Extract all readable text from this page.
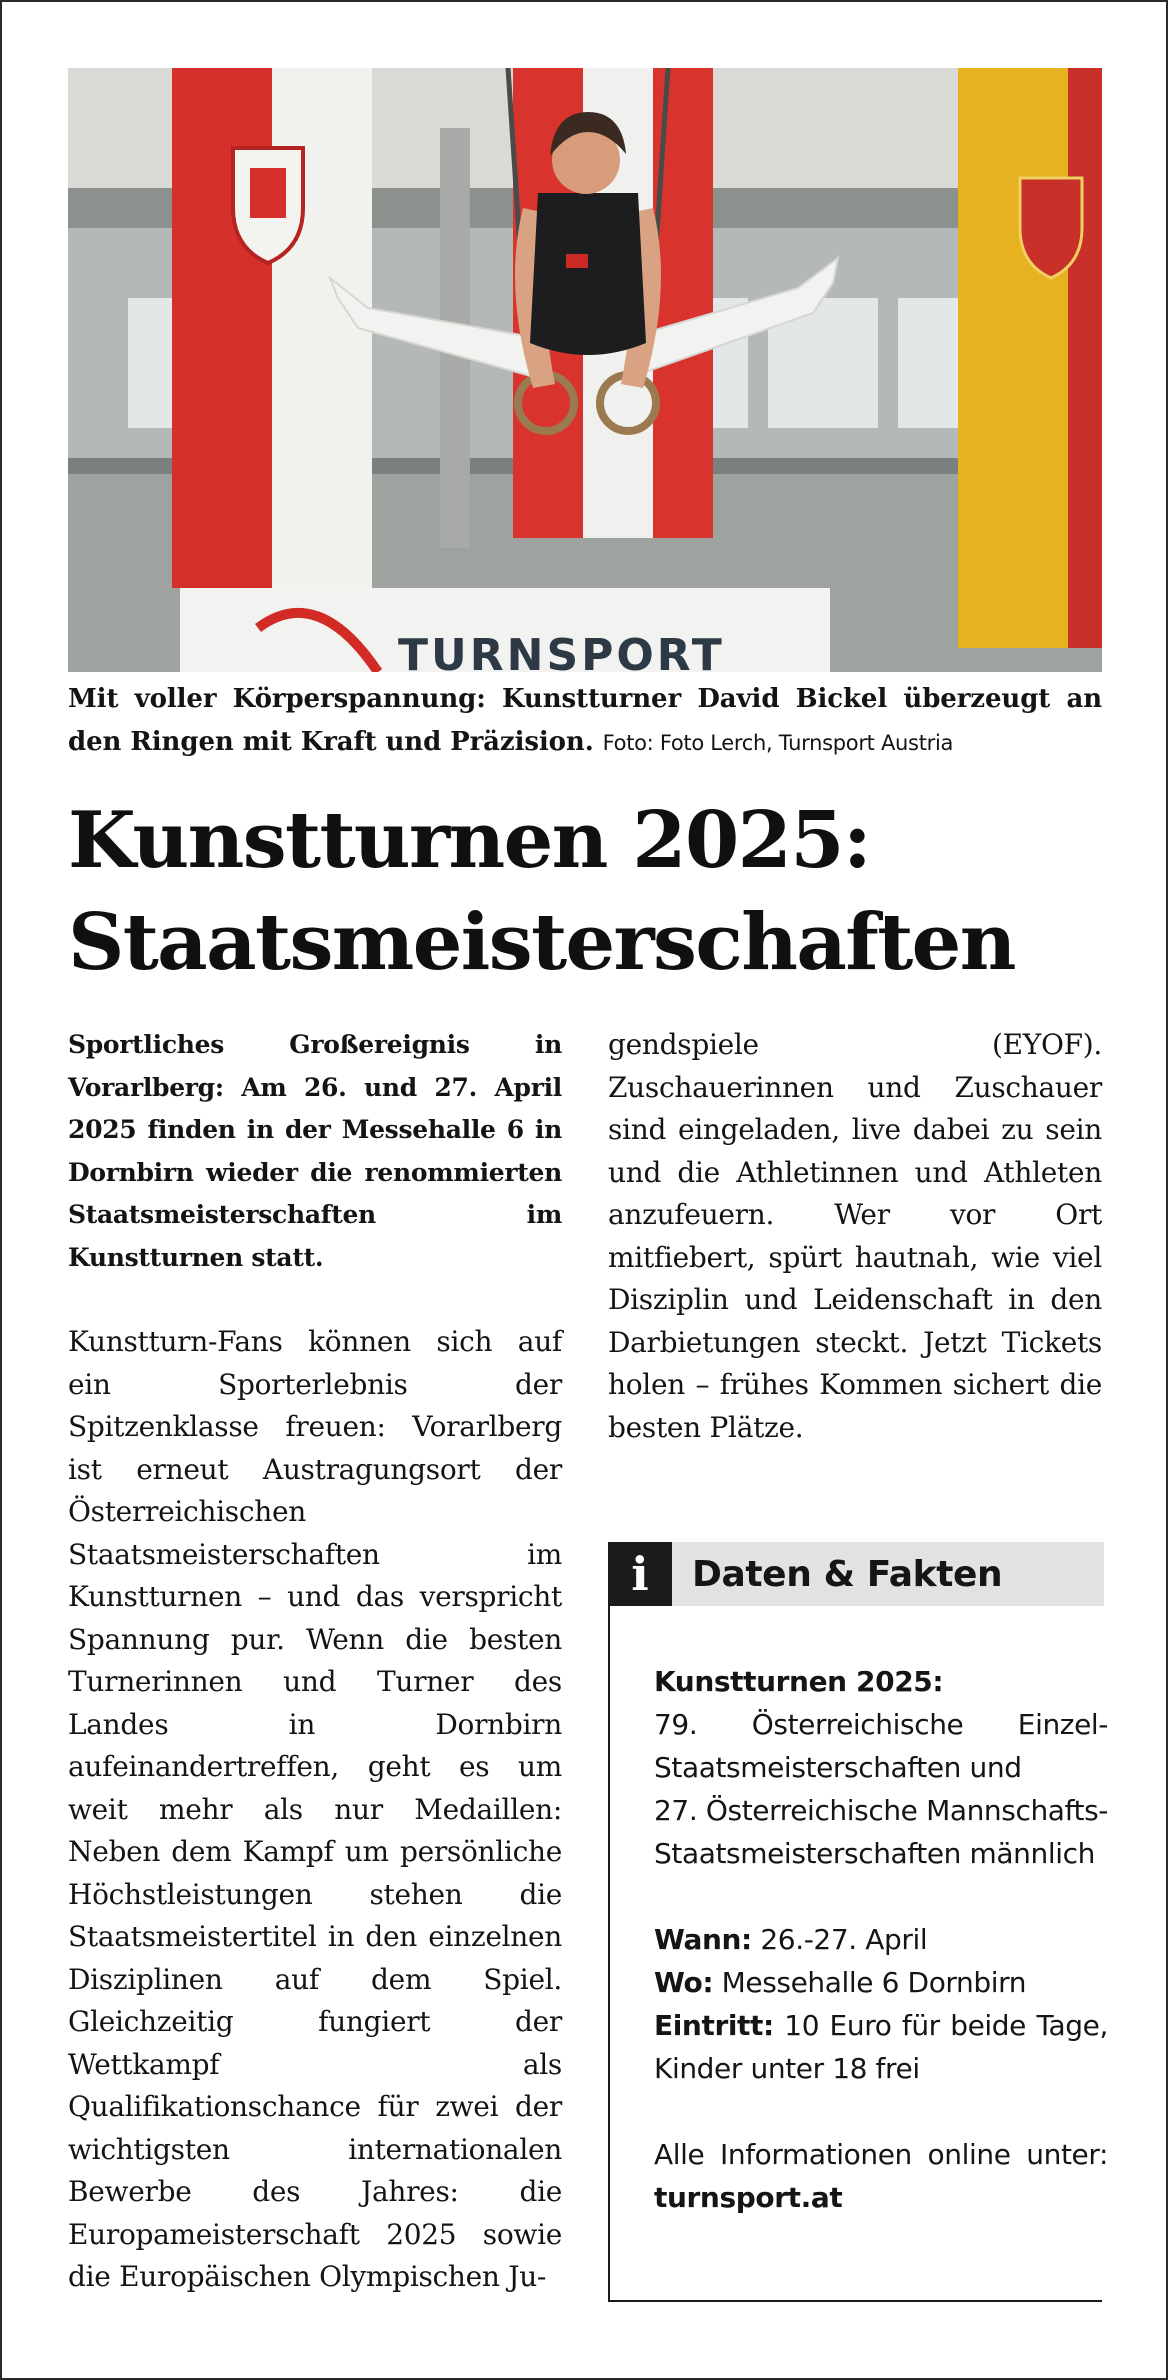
TURNSPORT
Mit voller Körperspannung: Kunstturner David Bickel überzeugt an den Ringen mit Kraft und Präzision. Foto: Foto Lerch, Turnsport Austria
Kunstturnen 2025:
Staatsmeisterschaften

Sportliches Großereignis in Vorarlberg: Am 26. und 27. April 2025 finden in der Messehalle 6 in Dornbirn wieder die renommierten Staatsmeisterschaften im Kunstturnen statt.

Kunstturn-Fans können sich auf ein Sporterlebnis der Spitzenklasse freuen: Vorarlberg ist erneut Austragungsort der Österreichischen Staatsmeisterschaften im Kunstturnen – und das verspricht Spannung pur. Wenn die besten Turnerinnen und Turner des Landes in Dornbirn aufeinandertreffen, geht es um weit mehr als nur Medaillen: Neben dem Kampf um persönliche Höchstleistungen stehen die Staatsmeistertitel in den einzelnen Disziplinen auf dem Spiel. Gleichzeitig fungiert der Wettkampf als Qualifikationschance für zwei der wichtigsten internationalen Bewerbe des Jahres: die Europameisterschaft 2025 sowie die Europäischen Olympischen Ju-

gendspiele (EYOF). Zuschauerinnen und Zuschauer sind eingeladen, live dabei zu sein und die Athletinnen und Athleten anzufeuern. Wer vor Ort mitfiebert, spürt hautnah, wie viel Disziplin und Leidenschaft in den Darbietungen steckt. Jetzt Tickets holen – frühes Kommen sichert die besten Plätze.

i	Daten & Fakten

Kunstturnen 2025:

79. Österreichische Einzel-Staatsmeisterschaften und

27. Österreichische Mannschafts-Staatsmeisterschaften männlich

Wann: 26.-27. April

Wo: Messehalle 6 Dornbirn

Eintritt: 10 Euro für beide Tage, Kinder unter 18 frei

Alle Informationen online unter: turnsport.at
